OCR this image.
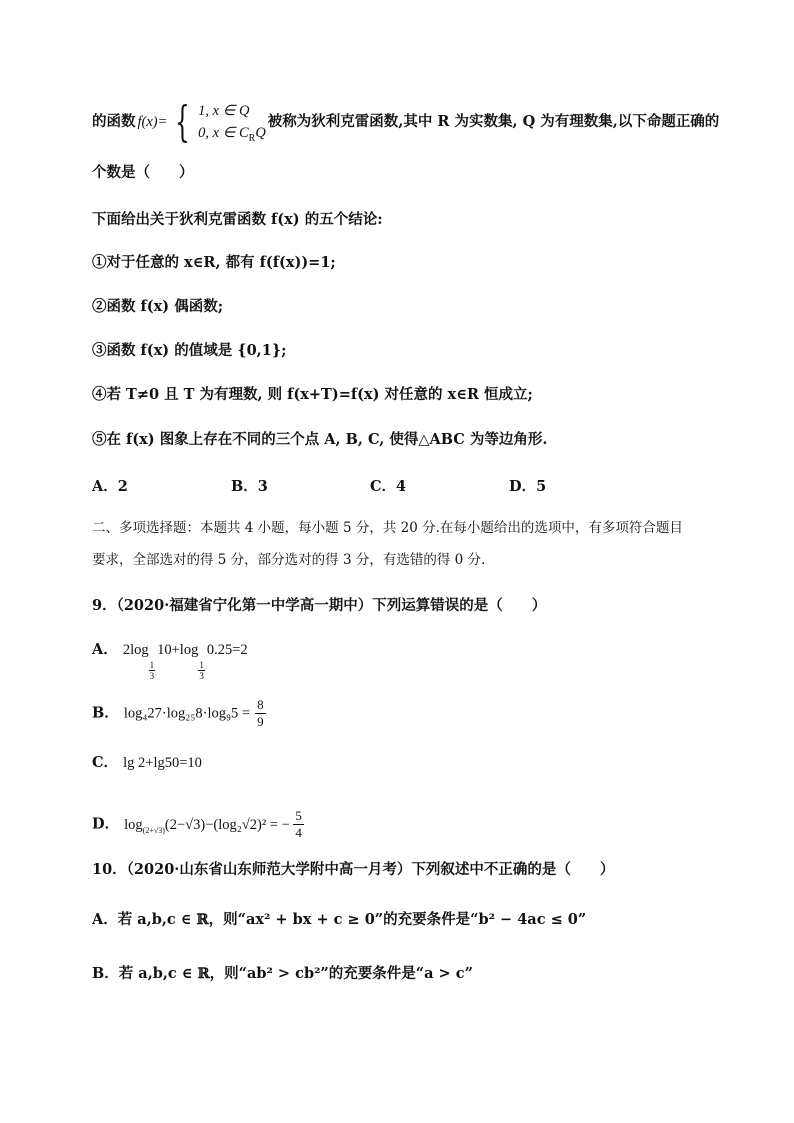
的函数 f(x)= { 1, x ∈ Q
0, x ∈ $C_RQ$
被称为狄利克雷函数,其中 R 为实数集, Q 为有理数集,以下命题正确的
个数是（　　）
下面给出关于狄利克雷函数 f(x) 的五个结论:
①对于任意的 x∈R, 都有 f(f(x))=1;
②函数 f(x) 偶函数;
③函数 f(x) 的值域是 {0,1};
④若 T≠0 且 T 为有理数, 则 f(x+T)=f(x) 对任意的 x∈R 恒成立;
⑤在 f(x) 图象上存在不同的三个点 A, B, C, 使得△ABC 为等边角形.
A．2	B．3	C．4	D．5
二、多项选择题：本题共 4 小题，每小题 5 分，共 20 分.在每小题给出的选项中，有多项符合题目
要求，全部选对的得 5 分，部分选对的得 3 分，有选错的得 0 分.
9．（2020·福建省宁化第一中学高一期中）下列运算错误的是（　　）
A． 2log
$\frac{1}{3}$
10+log
$\frac{1}{3}$
0.25=2
B． $\log_427\cdot\log_{25}8\cdot\log_95 = \frac{8}{9}$
C． lg 2+lg50=10
D． $\log_{(2+√3)}(2-√3)-(\log_2√2)^2$ = − $\frac{5}{4}$
10．（2020·山东省山东师范大学附中高一月考）下列叙述中不正确的是（　　）
A．若 a,b,c ∈ ℝ，则“ax² + bx + c ≥ 0”的充要条件是“b² − 4ac ≤ 0”
B．若 a,b,c ∈ ℝ，则“ab² > cb²”的充要条件是“a > c”
